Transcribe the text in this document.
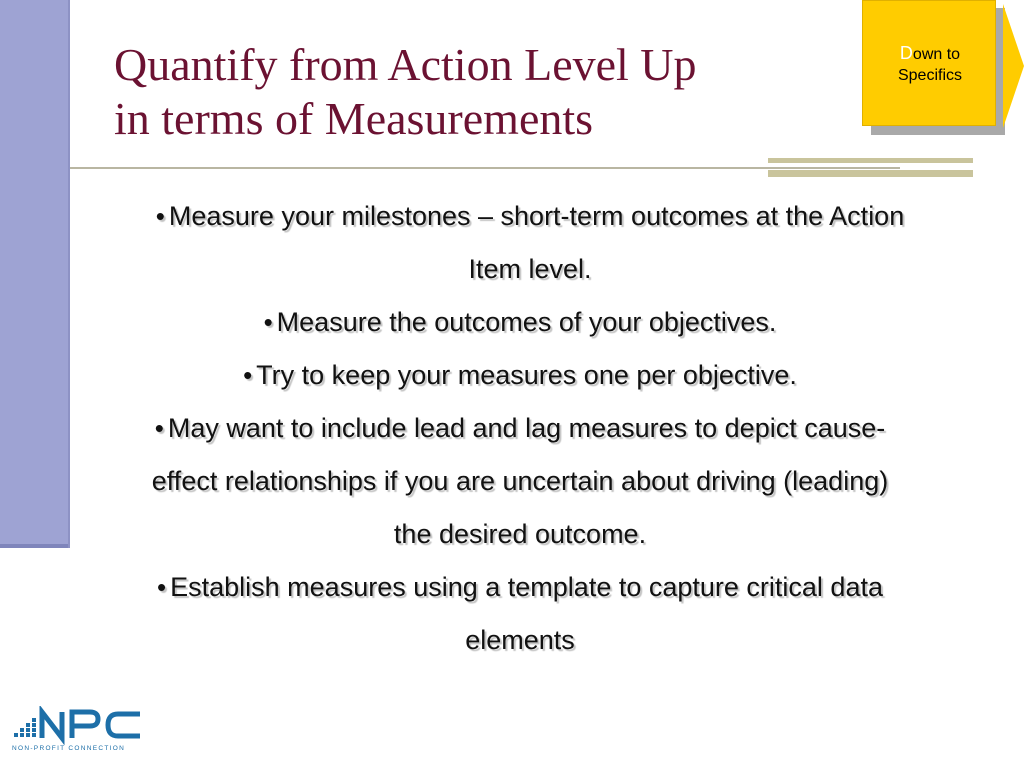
Quantify from Action Level Up
in terms of Measurements
Down to
Specifics
• Measure your milestones – short-term outcomes at the Action Item level.
• Measure the outcomes of your objectives.
• Try to keep your measures one per objective.
• May want to include lead and lag measures to depict cause-effect relationships if you are uncertain about driving (leading) the desired outcome.
• Establish measures using a template to capture critical data elements
NON-PROFIT CONNECTION
